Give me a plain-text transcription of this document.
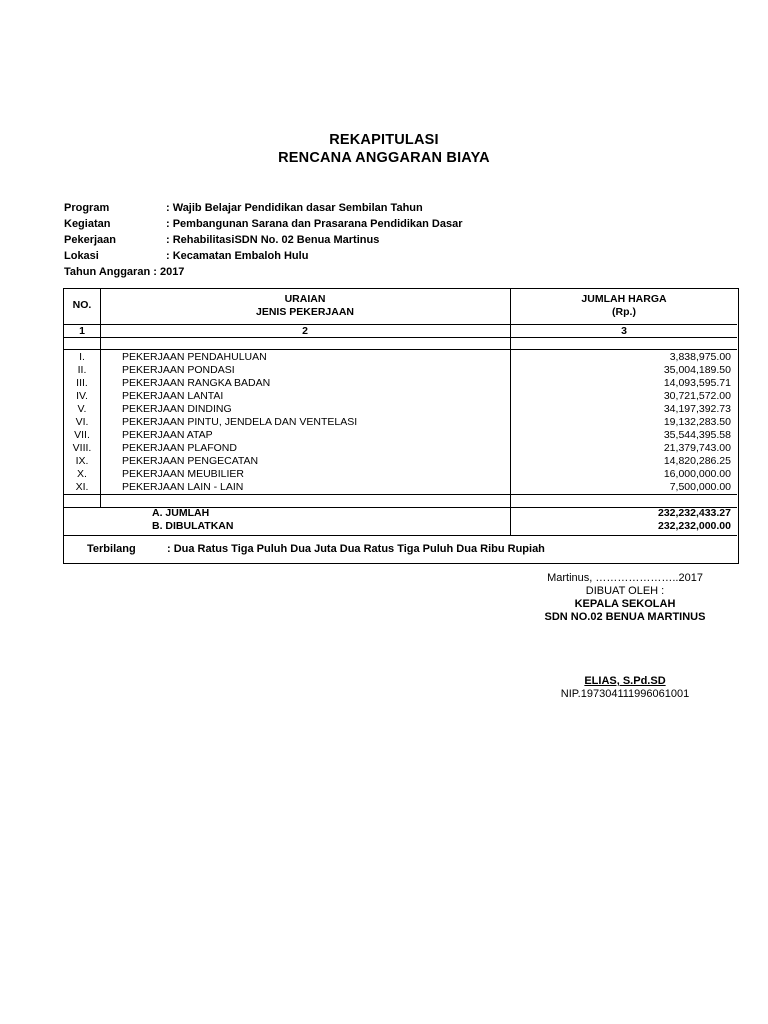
REKAPITULASI
RENCANA ANGGARAN BIAYA
Program	: Wajib Belajar Pendidikan dasar Sembilan Tahun
Kegiatan	: Pembangunan Sarana dan Prasarana Pendidikan Dasar
Pekerjaan	: RehabilitasiSDN No. 02 Benua Martinus
Lokasi	: Kecamatan Embaloh Hulu
Tahun Anggaran : 2017
NO.	URAIAN
JENIS PEKERJAAN
JUMLAH HARGA
(Rp.)
1	2	3
I.	PEKERJAAN PENDAHULUAN	3,838,975.00
II.	PEKERJAAN PONDASI	35,004,189.50
III.	PEKERJAAN RANGKA BADAN	14,093,595.71
IV.	PEKERJAAN LANTAI	30,721,572.00
V.	PEKERJAAN DINDING	34,197,392.73
VI.	PEKERJAAN PINTU, JENDELA DAN VENTELASI	19,132,283.50
VII.	PEKERJAAN ATAP	35,544,395.58
VIII.	PEKERJAAN PLAFOND	21,379,743.00
IX.	PEKERJAAN PENGECATAN	14,820,286.25
X.	PEKERJAAN MEUBILIER	16,000,000.00
XI.	PEKERJAAN LAIN - LAIN	7,500,000.00
A. JUMLAH	232,232,433.27
B. DIBULATKAN	232,232,000.00
Terbilang	: Dua Ratus Tiga Puluh Dua Juta Dua Ratus Tiga Puluh Dua Ribu Rupiah
Martinus, …………………..2017
DIBUAT OLEH :
KEPALA SEKOLAH
SDN NO.02 BENUA MARTINUS
ELIAS, S.Pd.SD
NIP.197304111996061001
